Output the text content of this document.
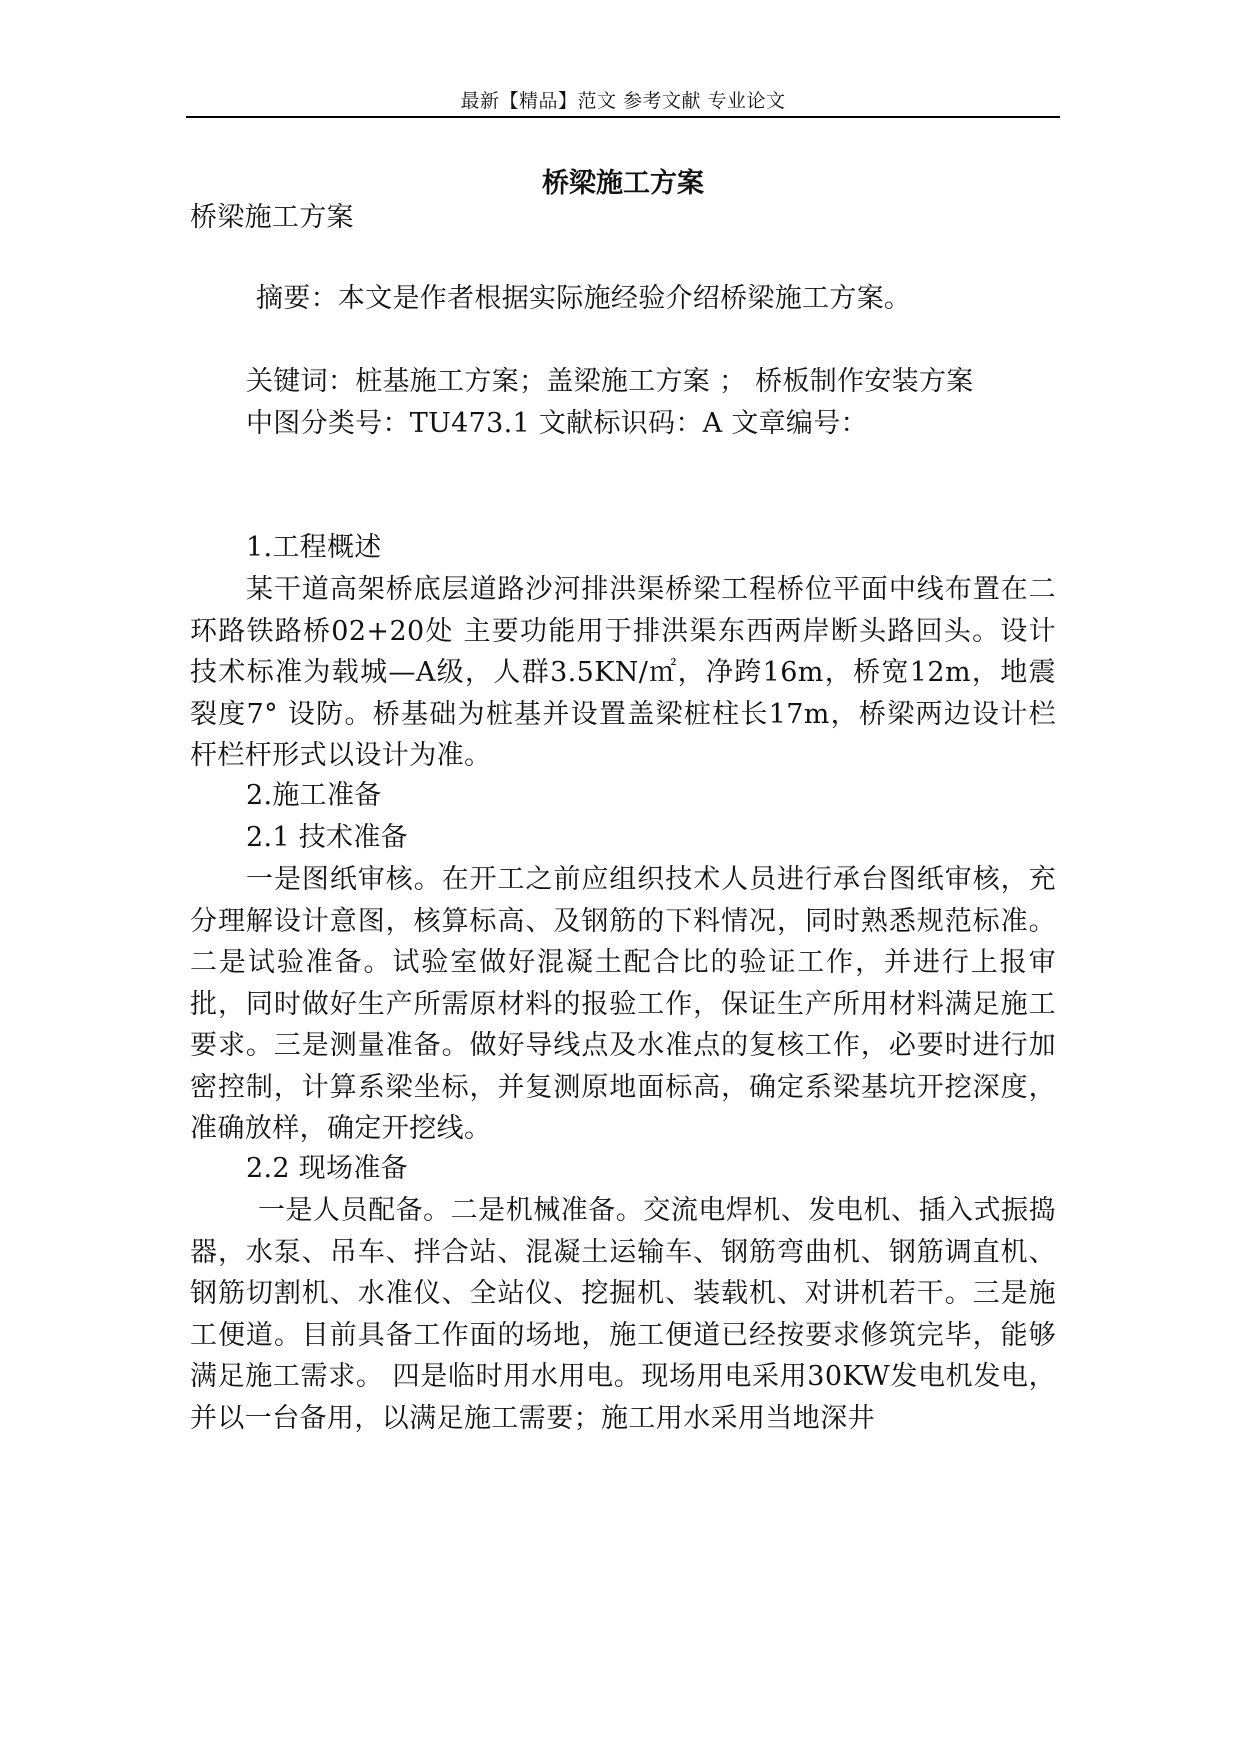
最新【精品】范文 参考文献 专业论文
桥梁施工方案
桥梁施工方案
摘要：本文是作者根据实际施经验介绍桥梁施工方案。
关键词：桩基施工方案；盖梁施工方案 ； 桥板制作安装方案
中图分类号：TU473.1 文献标识码：A 文章编号：
1.工程概述
某干道高架桥底层道路沙河排洪渠桥梁工程桥位平面中线布置在二环路铁路桥02+20处 主要功能用于排洪渠东西两岸断头路回头。设计技术标准为载城—A级，人群3.5KN/㎡，净跨16m，桥宽12m，地震裂度7° 设防。桥基础为桩基并设置盖梁桩柱长17m，桥梁两边设计栏杆栏杆形式以设计为准。
2.施工准备
2.1 技术准备
一是图纸审核。在开工之前应组织技术人员进行承台图纸审核，充分理解设计意图，核算标高、及钢筋的下料情况，同时熟悉规范标准。二是试验准备。试验室做好混凝土配合比的验证工作，并进行上报审批，同时做好生产所需原材料的报验工作，保证生产所用材料满足施工要求。三是测量准备。做好导线点及水准点的复核工作，必要时进行加密控制，计算系梁坐标，并复测原地面标高，确定系梁基坑开挖深度，准确放样，确定开挖线。
2.2 现场准备
一是人员配备。二是机械准备。交流电焊机、发电机、插入式振捣器，水泵、吊车、拌合站、混凝土运输车、钢筋弯曲机、钢筋调直机、钢筋切割机、水准仪、全站仪、挖掘机、装载机、对讲机若干。三是施工便道。目前具备工作面的场地，施工便道已经按要求修筑完毕，能够满足施工需求。 四是临时用水用电。现场用电采用30KW发电机发电，并以一台备用，以满足施工需要；施工用水采用当地深井
